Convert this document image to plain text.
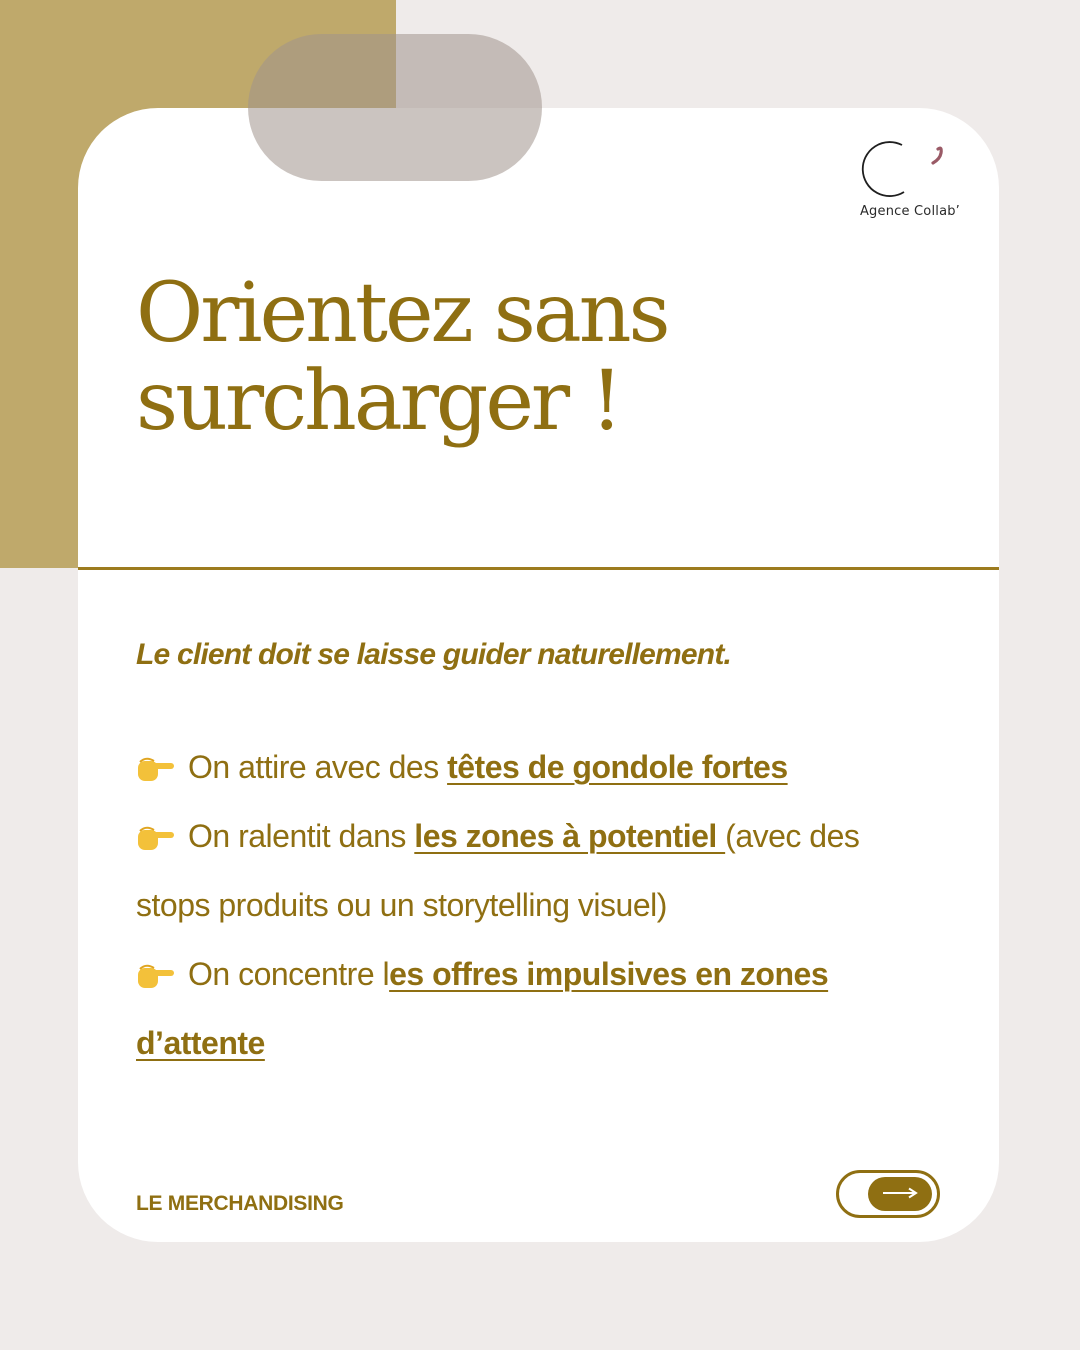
Agence Collab’
Orientez sans
surcharger !
Le client doit se laisse guider naturellement.

On attire avec des têtes de gondole fortes

On ralentit dans les zones à potentiel (avec des stops produits ou un storytelling visuel)

On concentre les offres impulsives en zones d’attente

LE MERCHANDISING
